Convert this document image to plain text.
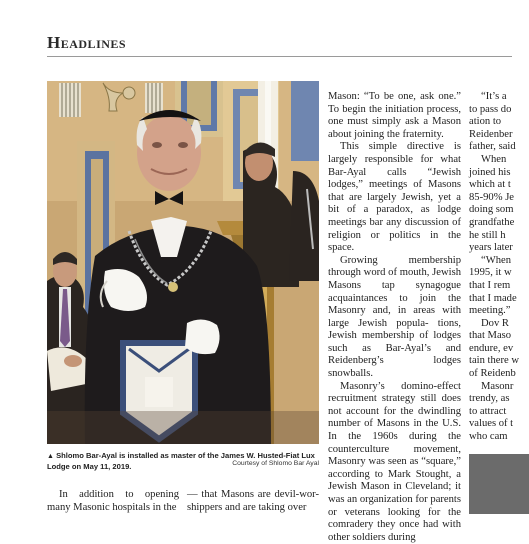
Headlines
▲ Shlomo Bar-Ayal is installed as master of the James W. Husted-Fiat Lux Lodge on May 11, 2019.	Courtesy of Shlomo Bar Ayal

In addition to opening many Masonic hospitals in the

— that Masons are devil-wor- shippers and are taking over

Mason: “To be one, ask one.” To begin the initiation process, one must simply ask a Mason about joining the fraternity.

This simple directive is largely responsible for what Bar-Ayal calls “Jewish lodges,” meetings of Masons that are largely Jewish, yet a bit of a paradox, as lodge meetings bar any discussion of religion or politics in the space.

Growing membership through word of mouth, Jewish Masons tap synagogue acquaintances to join the Masonry and, in areas with large Jewish popula- tions, Jewish membership of lodges such as Bar-Ayal’s and Reidenberg’s lodges snowballs.

Masonry’s domino-effect recruitment strategy still does not account for the dwindling number of Masons in the U.S. In the 1960s during the counterculture movement, Masonry was seen as “square,” according to Mark Stought, a Jewish Mason in Cleveland; it was an organization for parents or veterans looking for the comradery they once had with other soldiers during

“It’s a

to pass do

ation to

Reidenber

father, said

When

joined his

which at t

85-90% Je

doing som

grandfathe

he still h

years later

“When

1995, it w

that I rem

that I made

meeting.”

Dov R

that Maso

endure, ev

tain there w

of Reidenb

Masonr

trendy, as

to attract

values of t

who cam
